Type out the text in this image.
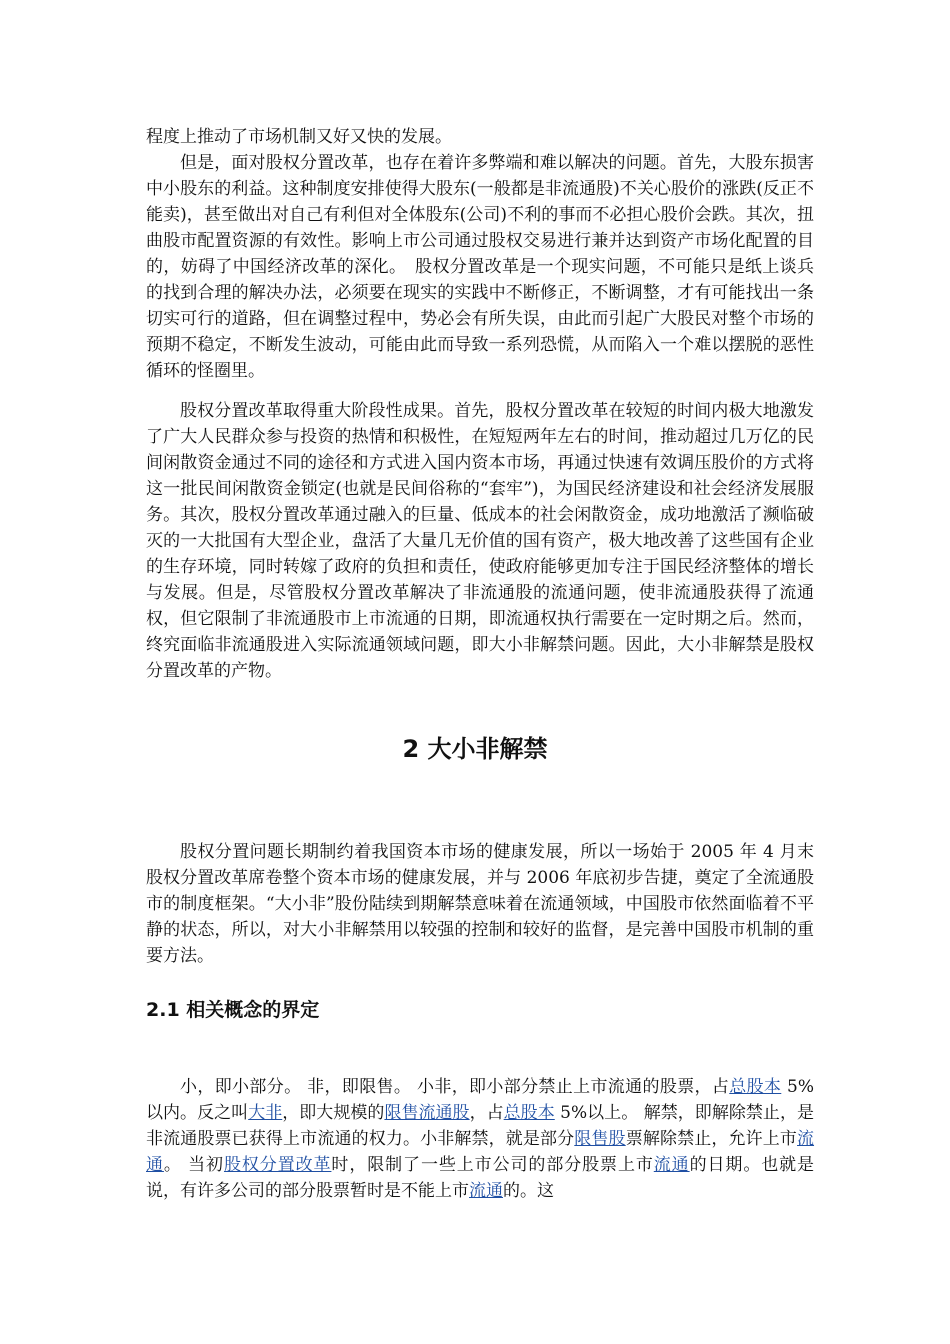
程度上推动了市场机制又好又快的发展。

但是，面对股权分置改革，也存在着许多弊端和难以解决的问题。首先，大股东损害中小股东的利益。这种制度安排使得大股东(一般都是非流通股)不关心股价的涨跌(反正不能卖)，甚至做出对自己有利但对全体股东(公司)不利的事而不必担心股价会跌。其次，扭曲股市配置资源的有效性。影响上市公司通过股权交易进行兼并达到资产市场化配置的目的，妨碍了中国经济改革的深化。　股权分置改革是一个现实问题，不可能只是纸上谈兵的找到合理的解决办法，必须要在现实的实践中不断修正，不断调整，才有可能找出一条切实可行的道路，但在调整过程中，势必会有所失误，由此而引起广大股民对整个市场的预期不稳定，不断发生波动，可能由此而导致一系列恐慌，从而陷入一个难以摆脱的恶性循环的怪圈里。

股权分置改革取得重大阶段性成果。首先，股权分置改革在较短的时间内极大地激发了广大人民群众参与投资的热情和积极性，在短短两年左右的时间，推动超过几万亿的民间闲散资金通过不同的途径和方式进入国内资本市场，再通过快速有效调压股价的方式将这一批民间闲散资金锁定(也就是民间俗称的“套牢”)，为国民经济建设和社会经济发展服务。其次，股权分置改革通过融入的巨量、低成本的社会闲散资金，成功地激活了濒临破灭的一大批国有大型企业，盘活了大量几无价值的国有资产，极大地改善了这些国有企业的生存环境，同时转嫁了政府的负担和责任，使政府能够更加专注于国民经济整体的增长与发展。但是，尽管股权分置改革解决了非流通股的流通问题，使非流通股获得了流通权，但它限制了非流通股市上市流通的日期，即流通权执行需要在一定时期之后。然而，终究面临非流通股进入实际流通领域问题，即大小非解禁问题。因此，大小非解禁是股权分置改革的产物。

2 大小非解禁

股权分置问题长期制约着我国资本市场的健康发展，所以一场始于 2005 年 4 月末股权分置改革席卷整个资本市场的健康发展，并与 2006 年底初步告捷，奠定了全流通股市的制度框架。“大小非”股份陆续到期解禁意味着在流通领域，中国股市依然面临着不平静的状态，所以，对大小非解禁用以较强的控制和较好的监督，是完善中国股市机制的重要方法。

2.1 相关概念的界定

小，即小部分。 非，即限售。 小非，即小部分禁止上市流通的股票，占总股本 5%以内。反之叫大非，即大规模的限售流通股，占总股本 5%以上。 解禁，即解除禁止，是非流通股票已获得上市流通的权力。小非解禁，就是部分限售股票解除禁止，允许上市流通。 当初股权分置改革时，限制了一些上市公司的部分股票上市流通的日期。也就是说，有许多公司的部分股票暂时是不能上市流通的。这
